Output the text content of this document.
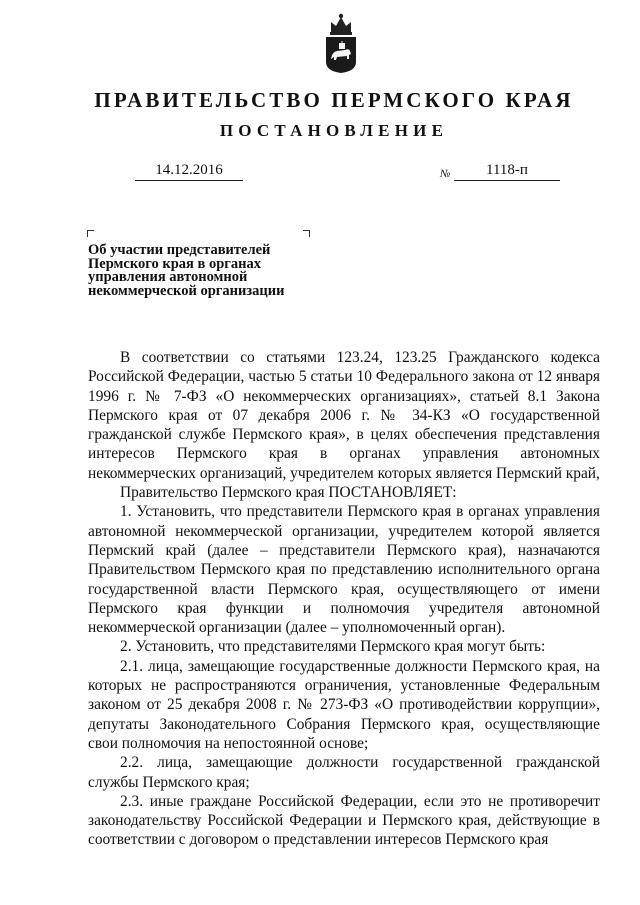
ПРАВИТЕЛЬСТВО ПЕРМСКОГО КРАЯ
ПОСТАНОВЛЕНИЕ
14.12.2016	№	1118-п
Об участии представителей
Пермского края в органах
управления автономной
некоммерческой организации

В соответствии со статьями 123.24, 123.25 Гражданского кодекса Российской Федерации, частью 5 статьи 10 Федерального закона от 12 января 1996 г. № 7-ФЗ «О некоммерческих организациях», статьей 8.1 Закона Пермского края от 07 декабря 2006 г. № 34-КЗ «О государственной гражданской службе Пермского края», в целях обеспечения представления интересов Пермского края в органах управления автономных некоммерческих организаций, учредителем которых является Пермский край,

Правительство Пермского края ПОСТАНОВЛЯЕТ:

1. Установить, что представители Пермского края в органах управления автономной некоммерческой организации, учредителем которой является Пермский край (далее – представители Пермского края), назначаются Правительством Пермского края по представлению исполнительного органа государственной власти Пермского края, осуществляющего от имени Пермского края функции и полномочия учредителя автономной некоммерческой организации (далее – уполномоченный орган).

2. Установить, что представителями Пермского края могут быть:

2.1. лица, замещающие государственные должности Пермского края, на которых не распространяются ограничения, установленные Федеральным законом от 25 декабря 2008 г. № 273-ФЗ «О противодействии коррупции», депутаты Законодательного Собрания Пермского края, осуществляющие свои полномочия на непостоянной основе;

2.2. лица, замещающие должности государственной гражданской службы Пермского края;

2.3. иные граждане Российской Федерации, если это не противоречит законодательству Российской Федерации и Пермского края, действующие в соответствии с договором о представлении интересов Пермского края
